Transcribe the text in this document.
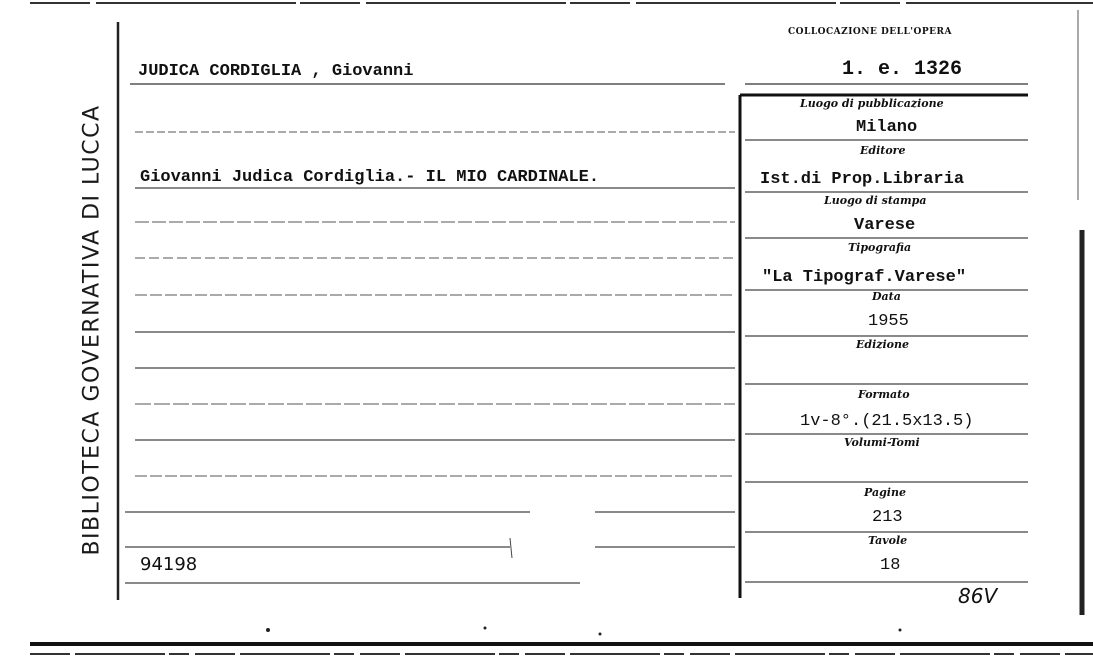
BIBLIOTECA GOVERNATIVA DI LUCCA
COLLOCAZIONE DELL'OPERA
1. e. 1326
JUDICA CORDIGLIA , Giovanni
Giovanni Judica Cordiglia.- IL MIO CARDINALE.
94198
86V
Luogo di pubblicazione
Milano
Editore
Ist.di Prop.Libraria
Luogo di stampa
Varese
Tipografia
"La Tipograf.Varese"
Data
1955
Edizione
Formato
1v-8°.(21.5x13.5)
Volumi-Tomi
Pagine
213
Tavole
18
